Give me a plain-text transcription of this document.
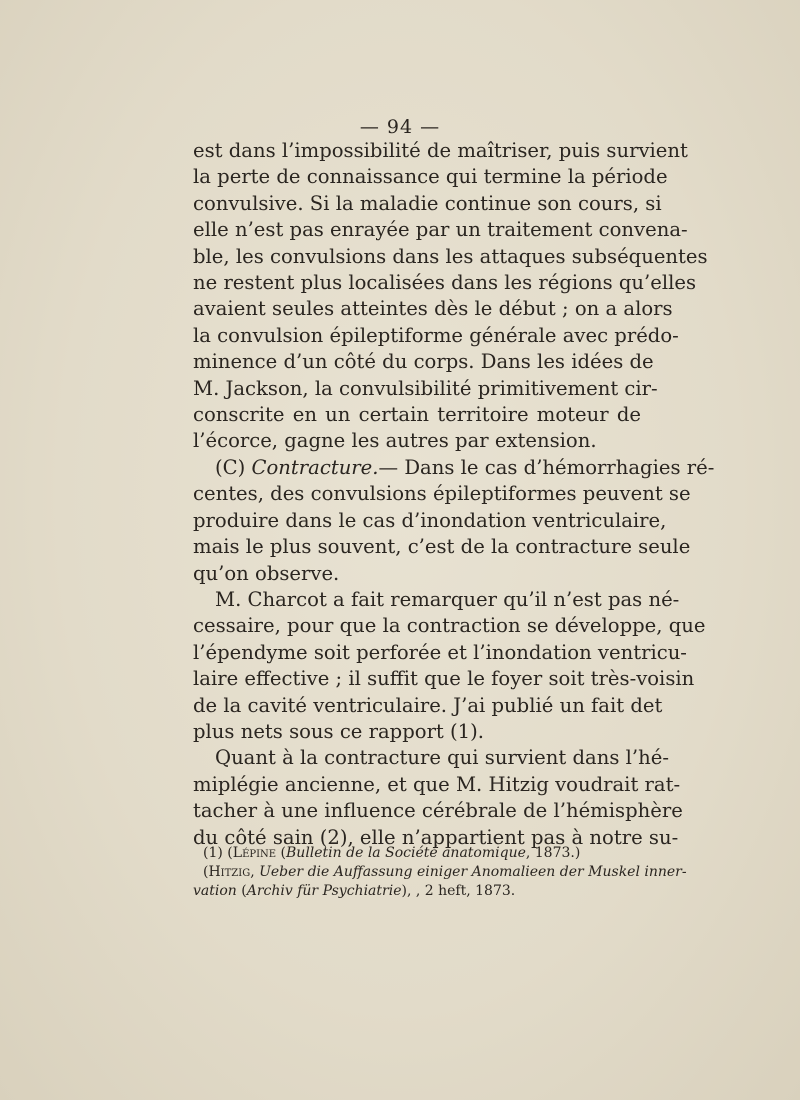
— 94 —

est dans l’impossibilité de maîtriser, puis survient
la perte de connaissance qui termine la période
convulsive. Si la maladie continue son cours, si
elle n’est pas enrayée par un traitement convena-
ble, les convulsions dans les attaques subséquentes
ne restent plus localisées dans les régions qu’elles
avaient seules atteintes dès le début ; on a alors
la convulsion épileptiforme générale avec prédo-
minence d’un côté du corps. Dans les idées de
M. Jackson, la convulsibilité primitivement cir-
conscrite en un certain territoire moteur de
l’écorce, gagne les autres par extension.

(C) Contracture.— Dans le cas d’hémorrhagies ré-
centes, des convulsions épileptiformes peuvent se
produire dans le cas d’inondation ventriculaire,
mais le plus souvent, c’est de la contracture seule
qu’on observe.

M. Charcot a fait remarquer qu’il n’est pas né-
cessaire, pour que la contraction se développe, que
l’épendyme soit perforée et l’inondation ventricu-
laire effective ; il suffit que le foyer soit très-voisin
de la cavité ventriculaire. J’ai publié un fait det
plus nets sous ce rapport (1).

Quant à la contracture qui survient dans l’hé-
miplégie ancienne, et que M. Hitzig voudrait rat-
tacher à une influence cérébrale de l’hémisphère
du côté sain (2), elle n’appartient pas à notre su-

(1) (Lépine (Bulletin de la Société anatomique, 1873.)
(Hitzig, Ueber die Auffassung einiger Anomalieen der Muskel inner-
vation (Archiv für Psychiatrie), , 2 heft, 1873.
